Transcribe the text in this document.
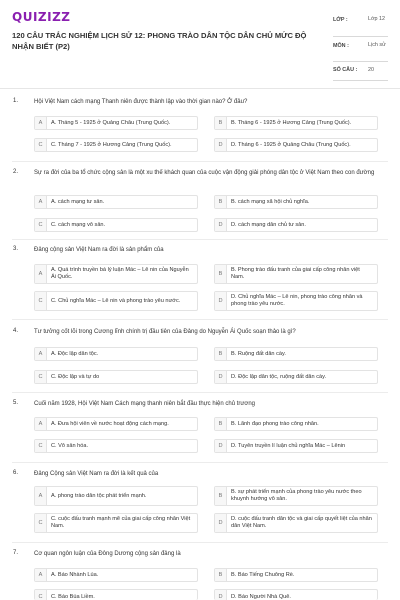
QUIZIZZ
120 CÂU TRẮC NGHIỆM LỊCH SỬ 12: PHONG TRÀO DÂN TỘC DÂN CHỦ MỨC ĐỘ NHẬN BIẾT (P2)
LỚP :	Lớp 12
MÔN :	Lịch sử
SỐ CÂU : 20
1.	Hội Việt Nam cách mạng Thanh niên được thành lập vào thời gian nào? Ở đâu?
A	A. Tháng 5 - 1925 ở Quảng Châu (Trung Quốc).	B	B. Tháng 6 - 1925 ở Hương Cảng (Trung Quốc).
C	C. Tháng 7 - 1925 ở Hương Cảng (Trung Quốc).	D	D. Tháng 6 - 1925 ở Quảng Châu (Trung Quốc).
2.	Sự ra đời của ba tổ chức cộng sản là một xu thế khách quan của cuộc vận động giải phóng dân tộc ở Việt Nam theo con đường
A	A. cách mạng tư sản.	B	B. cách mạng xã hội chủ nghĩa.
C	C. cách mạng vô sản.	D	D. cách mạng dân chủ tư sản.
3.	Đảng cộng sản Việt Nam ra đời là sản phẩm của
A
A. Quá trình truyền bá lý luận Mác – Lê nin của Nguyễn Ái Quốc.	B
B. Phong trào đấu tranh của giai cấp công nhân việt Nam.
C	C. Chủ nghĩa Mác – Lê nin và phong trào yêu nước.	D
D. Chủ nghĩa Mác – Lê nin, phong trào công nhân và phong trào yêu nước.
4.	Tư tưởng cốt lõi trong Cương lĩnh chính trị đầu tiên của Đảng do Nguyễn Ái Quốc soạn thảo là gì?
A	A. Độc lập dân tộc.	B	B. Ruộng đất dân cày.
C	C. Độc lập và tự do	D	D. Độc lập dân tộc, ruộng đất dân cày.
5.	Cuối năm 1928, Hội Việt Nam Cách mạng thanh niên bắt đầu thực hiện chủ trương
A	A. Đưa hội viên về nước hoạt động cách mạng.	B	B. Lãnh đạo phong trào công nhân.
C	C. Vô sản hóa.	D	D. Tuyên truyền lí luận chủ nghĩa Mác – Lênin
6.	Đảng Cộng sản Việt Nam ra đời là kết quả của
A	A. phong trào dân tộc phát triển mạnh.	B
B. sự phát triển mạnh của phong trào yêu nước theo khuynh hướng vô sản.
C
C. cuộc đấu tranh mạnh mẽ của giai cấp công nhân Việt Nam.	D
D. cuộc đấu tranh dân tộc và giai cấp quyết liệt của nhân dân Việt Nam.
7.	Cơ quan ngôn luận của Đông Dương cộng sản đảng là
A	A. Báo Nhành Lúa.	B	B. Báo Tiếng Chuông Rè.
C	C. Báo Búa Liềm.	D	D. Báo Người Nhà Quê.
